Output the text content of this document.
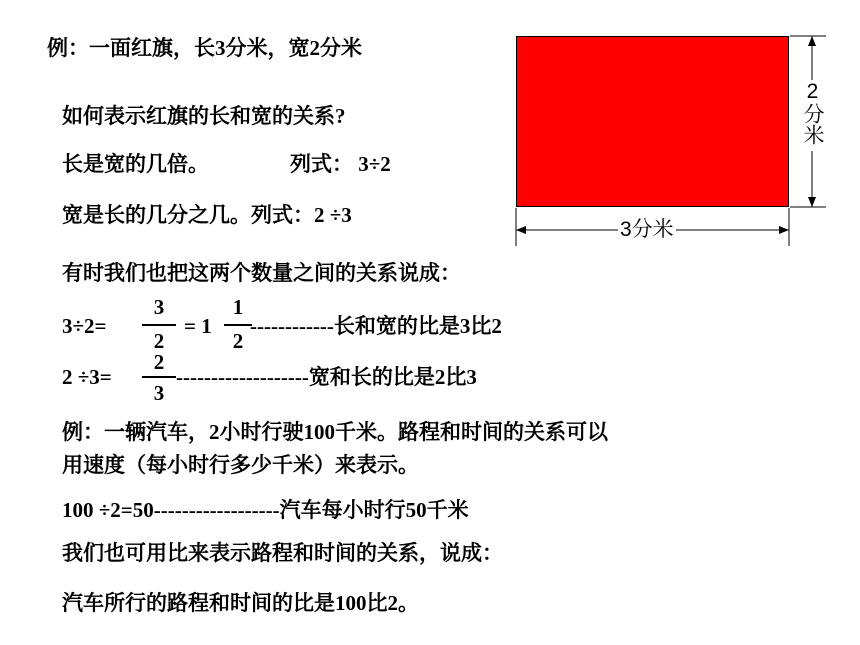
例：一面红旗，长3分米，宽2分米
如何表示红旗的长和宽的关系?
长是宽的几倍。	列式： 3÷2
宽是长的几分之几。列式：2 ÷3
2分米
3分米
有时我们也把这两个数量之间的关系说成：
3÷2=
3
2
= 1
1
2
------------长和宽的比是3比2
2 ÷3=
2
3
-------------------宽和长的比是2比3
例：一辆汽车，2小时行驶100千米。路程和时间的关系可以
用速度（每小时行多少千米）来表示。
100 ÷2=50------------------汽车每小时行50千米
我们也可用比来表示路程和时间的关系，说成：
汽车所行的路程和时间的比是100比2。
